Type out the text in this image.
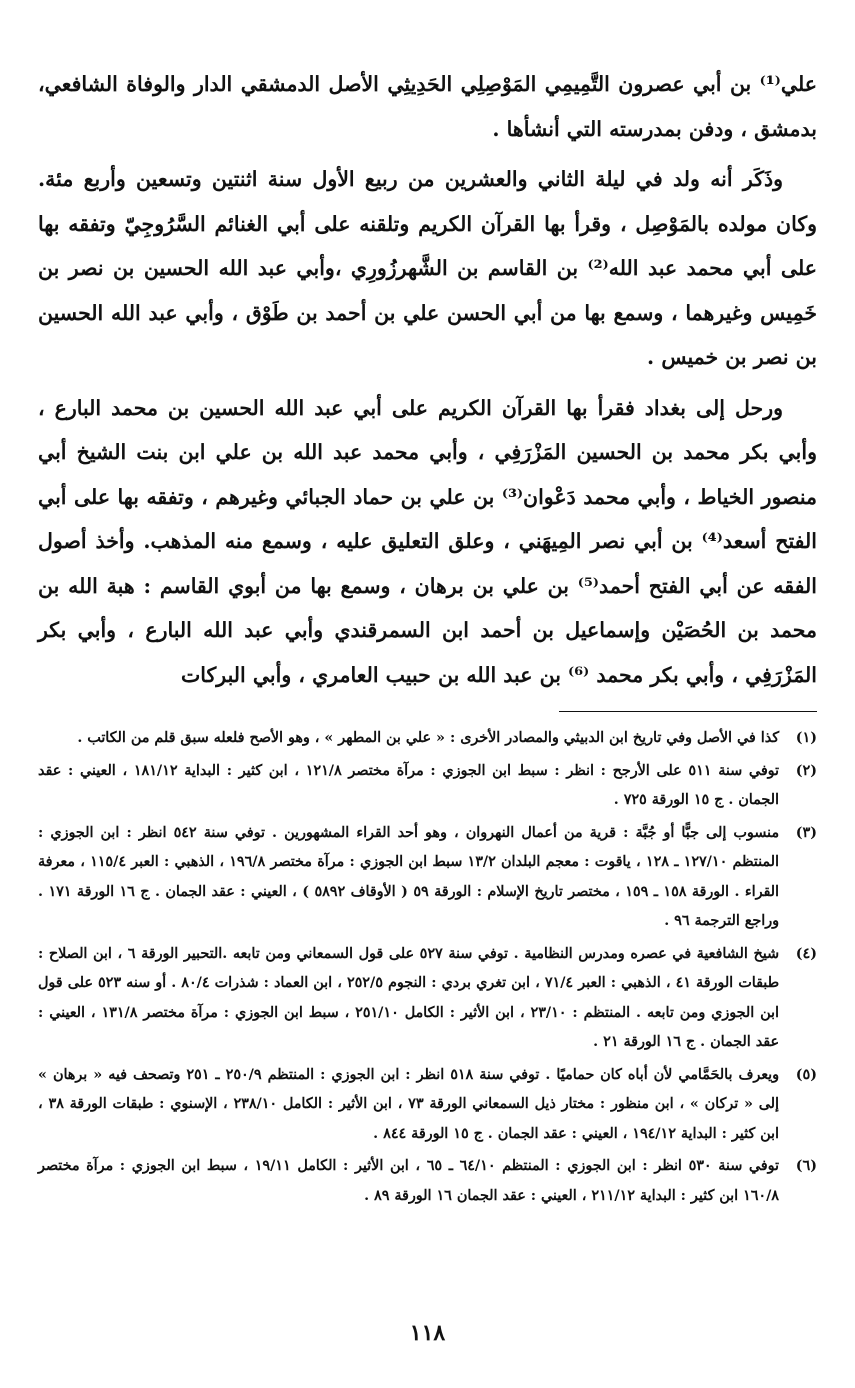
علي⁽¹⁾ بن أبي عصرون التَّمِيمِي المَوْصِلِي الحَدِيثِي الأصل الدمشقي الدار والوفاة الشافعي، بدمشق ، ودفن بمدرسته التي أنشأها .

وذَكَر أنه ولد في ليلة الثاني والعشرين من ربيع الأول سنة اثنتين وتسعين وأربع مئة. وكان مولده بالمَوْصِل ، وقرأ بها القرآن الكريم وتلقنه على أبي الغنائم السَّرُوجِيّ وتفقه بها على أبي محمد عبد الله⁽²⁾ بن القاسم بن الشَّهرزُورِي ،وأبي عبد الله الحسين بن نصر بن خَمِيس وغيرهما ، وسمع بها من أبي الحسن علي بن أحمد بن طَوْق ، وأبي عبد الله الحسين بن نصر بن خميس .

ورحل إلى بغداد فقرأ بها القرآن الكريم على أبي عبد الله الحسين بن محمد البارع ، وأبي بكر محمد بن الحسين المَزْرَفِي ، وأبي محمد عبد الله بن علي ابن بنت الشيخ أبي منصور الخياط ، وأبي محمد دَعْوان⁽³⁾ بن علي بن حماد الجبائي وغيرهم ، وتفقه بها على أبي الفتح أسعد⁽⁴⁾ بن أبي نصر المِيهَني ، وعلق التعليق عليه ، وسمع منه المذهب. وأخذ أصول الفقه عن أبي الفتح أحمد⁽⁵⁾ بن علي بن برهان ، وسمع بها من أبوي القاسم : هبة الله بن محمد بن الحُصَيْن وإسماعيل بن أحمد ابن السمرقندي وأبي عبد الله البارع ، وأبي بكر المَزْرَفِي ، وأبي بكر محمد ⁽⁶⁾ بن عبد الله بن حبيب العامري ، وأبي البركات

(١)
كذا في الأصل وفي تاريخ ابن الدبيثي والمصادر الأخرى : « علي بن المطهر » ، وهو الأصح فلعله سبق قلم من الكاتب .
(٢)
توفي سنة ٥١١ على الأرجح : انظر : سبط ابن الجوزي : مرآة مختصر ١٢١/٨ ، ابن كثير : البداية ١٨١/١٢ ، العيني : عقد الجمان . ج ١٥ الورقة ٧٢٥ .
(٣)
منسوب إلى جبًّا أو جُبَّة : قرية من أعمال النهروان ، وهو أحد القراء المشهورين . توفي سنة ٥٤٢ انظر : ابن الجوزي : المنتظم ١٢٧/١٠ ـ ١٢٨ ، ياقوت : معجم البلدان ١٣/٢ سبط ابن الجوزي : مرآة مختصر ١٩٦/٨ ، الذهبي : العبر ١١٥/٤ ، معرفة القراء . الورقة ١٥٨ ـ ١٥٩ ، مختصر تاريخ الإسلام : الورقة ٥٩ ( الأوقاف ٥٨٩٢ ) ، العيني : عقد الجمان . ج ١٦ الورقة ١٧١ . وراجع الترجمة ٩٦ .
(٤)
شيخ الشافعية في عصره ومدرس النظامية . توفي سنة ٥٢٧ على قول السمعاني ومن تابعه .التحبير الورقة ٦ ، ابن الصلاح : طبقات الورقة ٤١ ، الذهبي : العبر ٧١/٤ ، ابن تغري بردي : النجوم ٢٥٢/٥ ، ابن العماد : شذرات ٨٠/٤ . أو سنه ٥٢٣ على قول ابن الجوزي ومن تابعه . المنتظم : ٢٣/١٠ ، ابن الأثير : الكامل ٢٥١/١٠ ، سبط ابن الجوزي : مرآة مختصر ١٣١/٨ ، العيني : عقد الجمان . ج ١٦ الورقة ٢١ .
(٥)
ويعرف بالحَمَّامي لأن أباه كان حماميًا . توفي سنة ٥١٨ انظر : ابن الجوزي : المنتظم ٢٥٠/٩ ـ ٢٥١ وتصحف فيه « برهان » إلى « تركان » ، ابن منظور : مختار ذيل السمعاني الورقة ٧٣ ، ابن الأثير : الكامل ٢٣٨/١٠ ، الإسنوي : طبقات الورقة ٣٨ ، ابن كثير : البداية ١٩٤/١٢ ، العيني : عقد الجمان . ج ١٥ الورقة ٨٤٤ .
(٦)
توفي سنة ٥٣٠ انظر : ابن الجوزي : المنتظم ٦٤/١٠ ـ ٦٥ ، ابن الأثير : الكامل ١٩/١١ ، سبط ابن الجوزي : مرآة مختصر ١٦٠/٨ ابن كثير : البداية ٢١١/١٢ ، العيني : عقد الجمان ١٦ الورقة ٨٩ .
١١٨
